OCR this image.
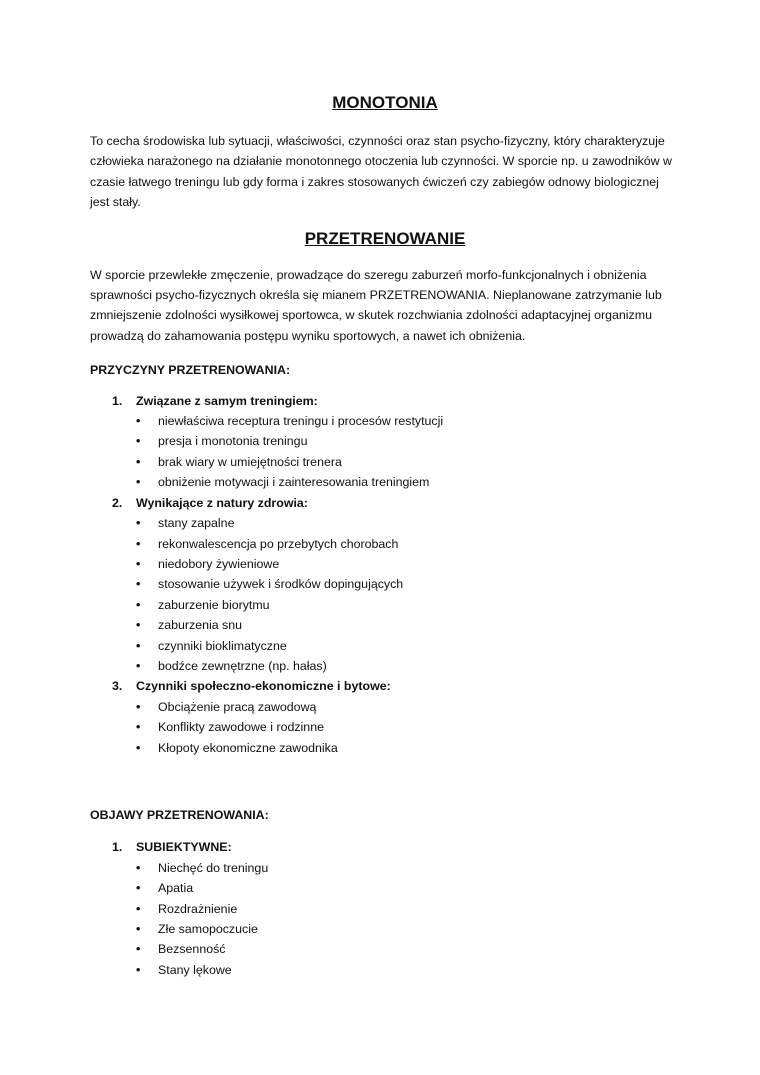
MONOTONIA

To cecha środowiska lub sytuacji, właściwości, czynności oraz stan psycho-fizyczny, który charakteryzuje człowieka narażonego na działanie monotonnego otoczenia lub czynności. W sporcie np. u zawodników w czasie łatwego treningu lub gdy forma i zakres stosowanych ćwiczeń czy zabiegów odnowy biologicznej jest stały.

PRZETRENOWANIE

W sporcie przewlekłe zmęczenie, prowadzące do szeregu zaburzeń morfo-funkcjonalnych i obniżenia sprawności psycho-fizycznych określa się mianem PRZETRENOWANIA. Nieplanowane zatrzymanie lub zmniejszenie zdolności wysiłkowej sportowca, w skutek rozchwiania zdolności adaptacyjnej organizmu prowadzą do zahamowania postępu wyniku sportowych, a nawet ich obniżenia.

PRZYCZYNY PRZETRENOWANIA:

1. Związane z samym treningiem:
• niewłaściwa receptura treningu i procesów restytucji
• presja i monotonia treningu
• brak wiary w umiejętności trenera
• obniżenie motywacji i zainteresowania treningiem
2. Wynikające z natury zdrowia:
• stany zapalne
• rekonwalescencja po przebytych chorobach
• niedobory żywieniowe
• stosowanie używek i środków dopingujących
• zaburzenie biorytmu
• zaburzenia snu
• czynniki bioklimatyczne
• bodźce zewnętrzne (np. hałas)
3. Czynniki społeczno-ekonomiczne i bytowe:
• Obciążenie pracą zawodową
• Konflikty zawodowe i rodzinne
• Kłopoty ekonomiczne zawodnika

OBJAWY PRZETRENOWANIA:

1. SUBIEKTYWNE:
• Niechęć do treningu
• Apatia
• Rozdrażnienie
• Złe samopoczucie
• Bezsenność
• Stany lękowe
